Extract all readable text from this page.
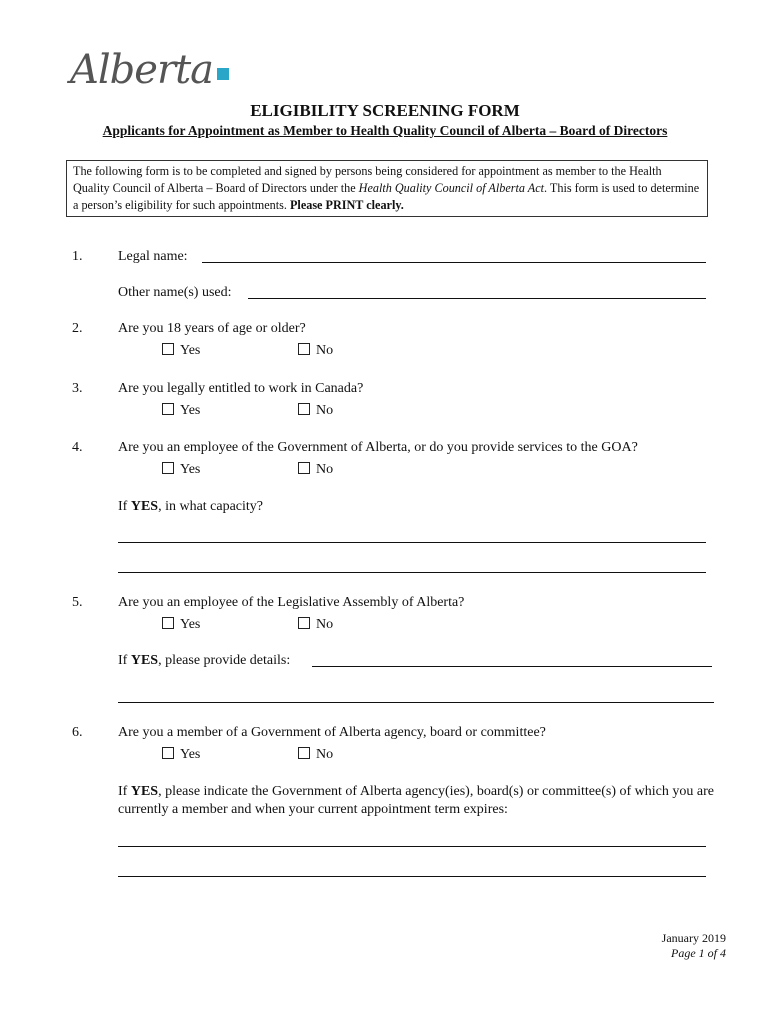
Alberta
ELIGIBILITY SCREENING FORM
Applicants for Appointment as Member to Health Quality Council of Alberta – Board of Directors
The following form is to be completed and signed by persons being considered for appointment as member to the Health Quality Council of Alberta – Board of Directors under the Health Quality Council of Alberta Act. This form is used to determine a person’s eligibility for such appointments. Please PRINT clearly.
1.	Legal name:
Other name(s) used:
2.	Are you 18 years of age or older?
Yes	No
3.	Are you legally entitled to work in Canada?
Yes	No
4.	Are you an employee of the Government of Alberta, or do you provide services to the GOA?
Yes	No
If YES, in what capacity?
5.	Are you an employee of the Legislative Assembly of Alberta?
Yes	No
If YES, please provide details:
6.	Are you a member of a Government of Alberta agency, board or committee?
Yes	No
If YES, please indicate the Government of Alberta agency(ies), board(s) or committee(s) of which you are currently a member and when your current appointment term expires:
January 2019
Page 1 of 4
